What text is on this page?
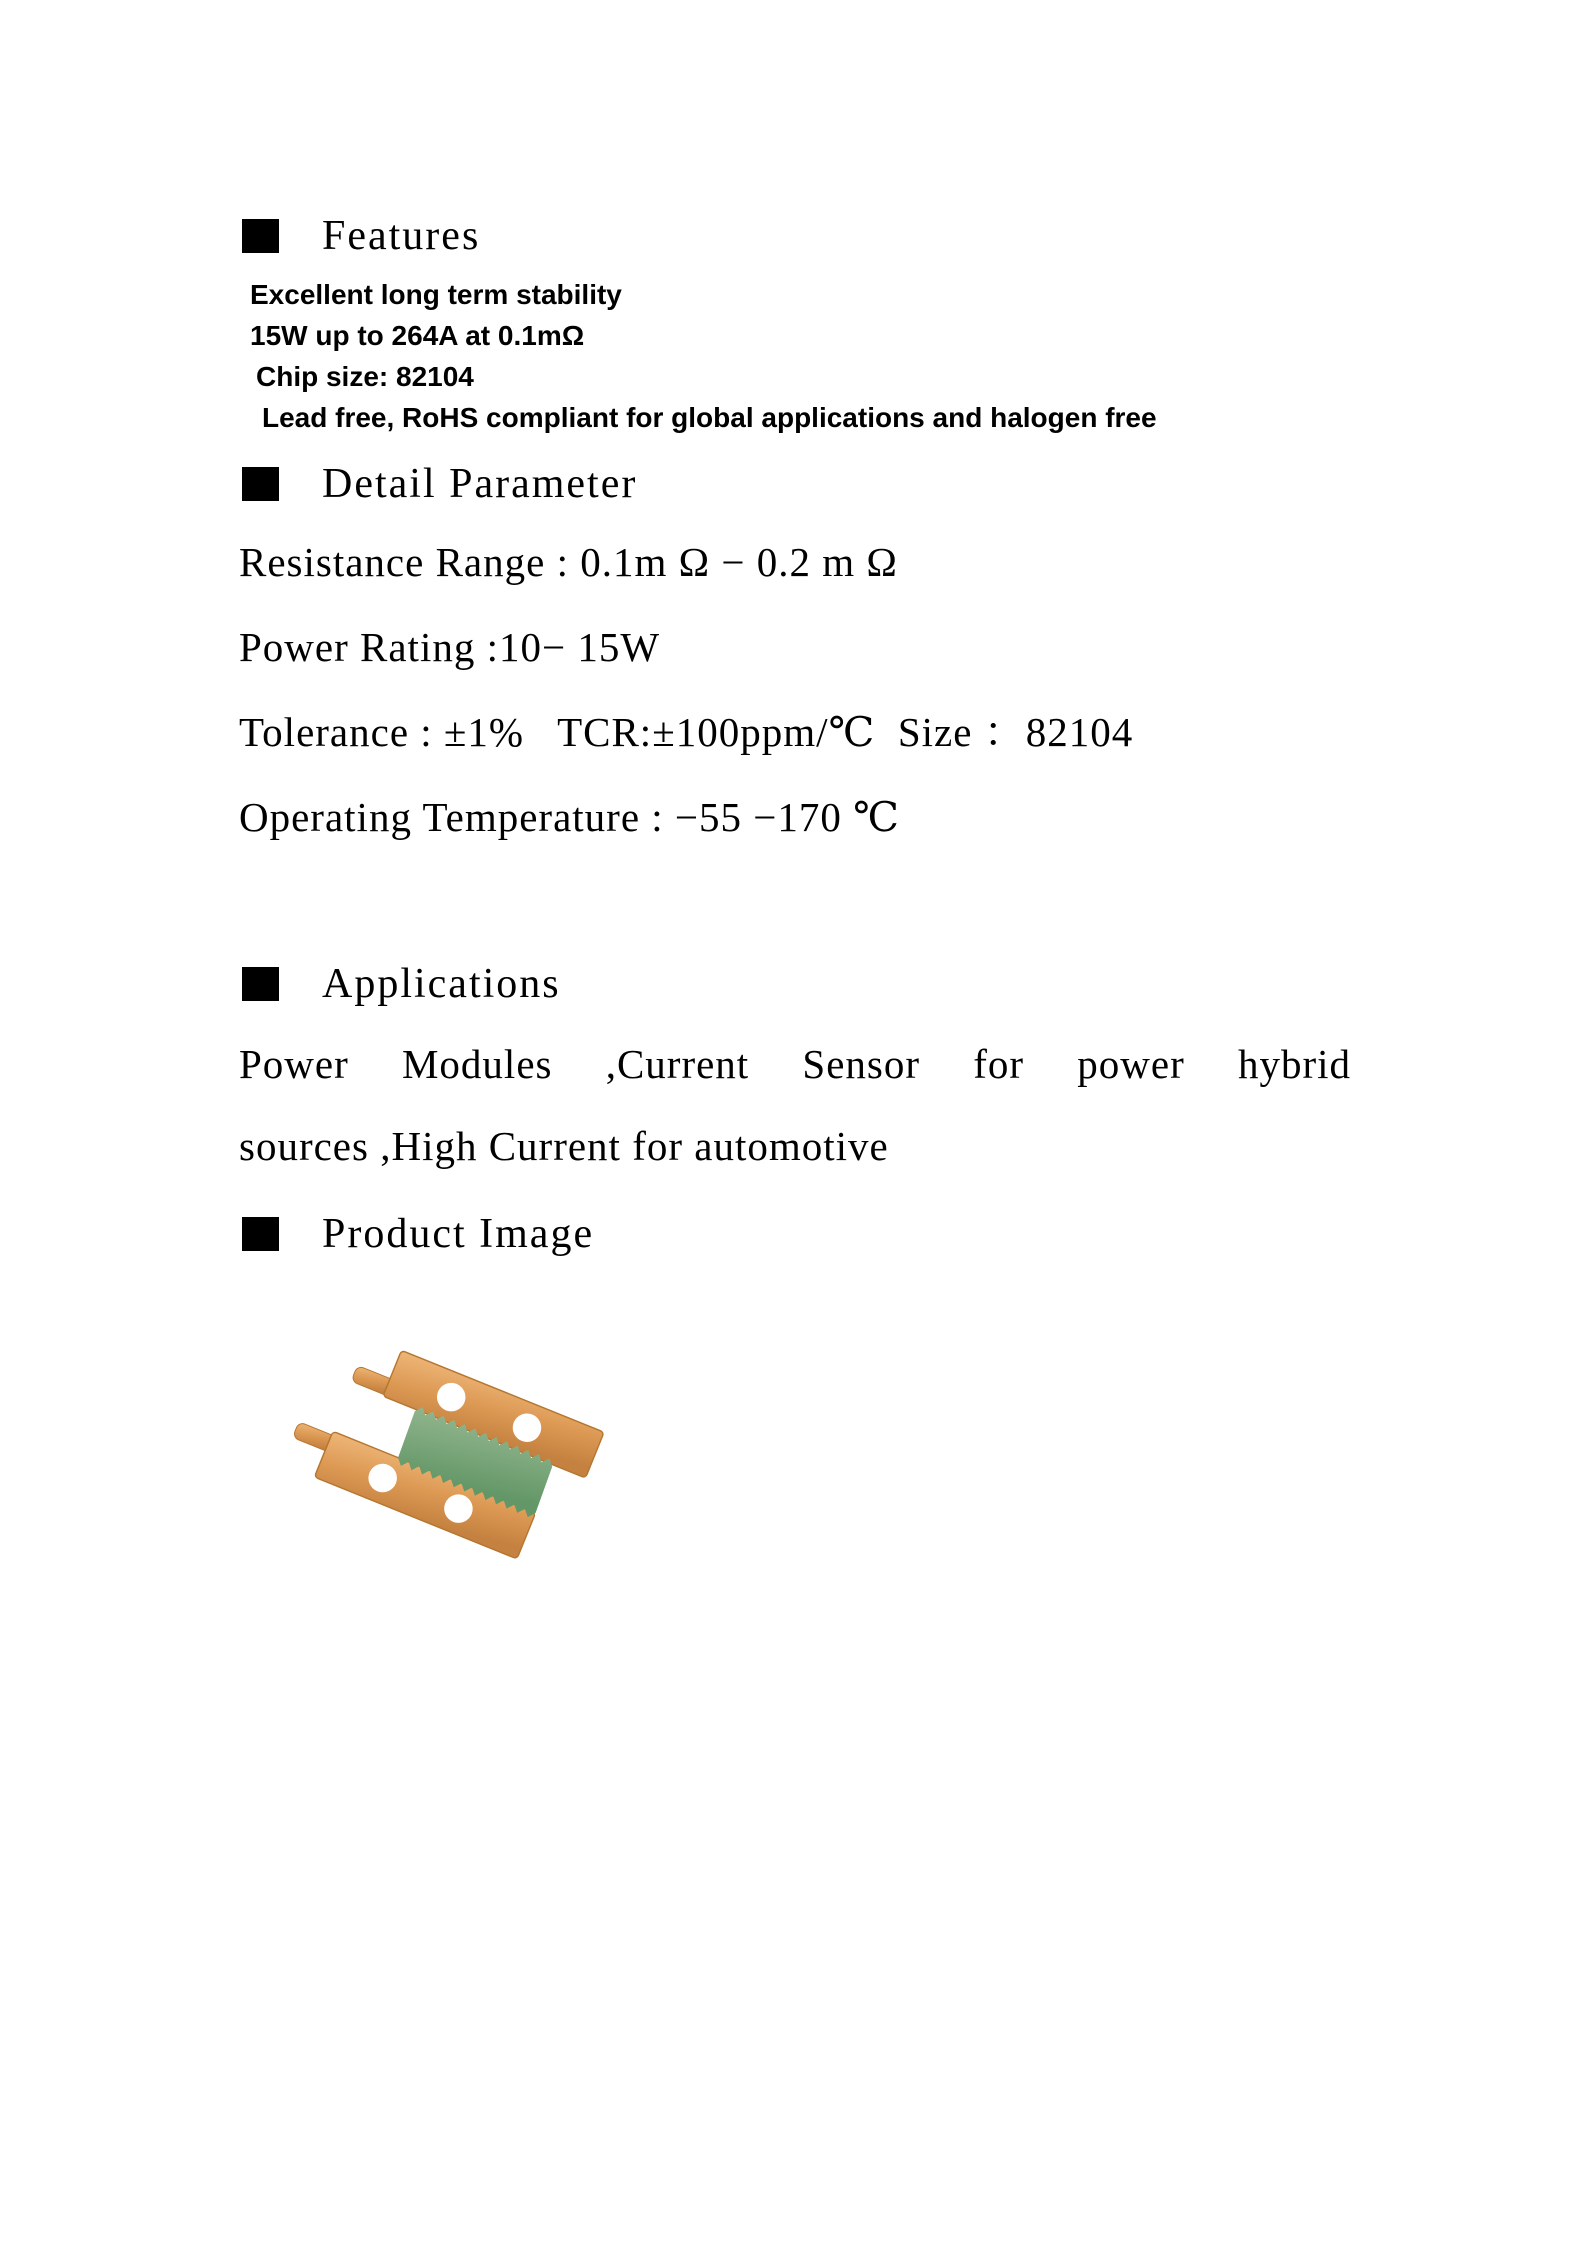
Features
Excellent long term stability
15W up to 264A at 0.1mΩ
Chip size: 82104
Lead free, RoHS compliant for global applications and halogen free
Detail Parameter
Resistance Range : 0.1m Ω − 0.2 m Ω
Power Rating :10− 15W
Tolerance : ±1%   TCR:±100ppm/℃  Size ：82104
Operating Temperature : −55 −170 ℃
Applications
Power Modules ,Current Sensor for power hybrid
sources ,High Current for automotive
Product Image
